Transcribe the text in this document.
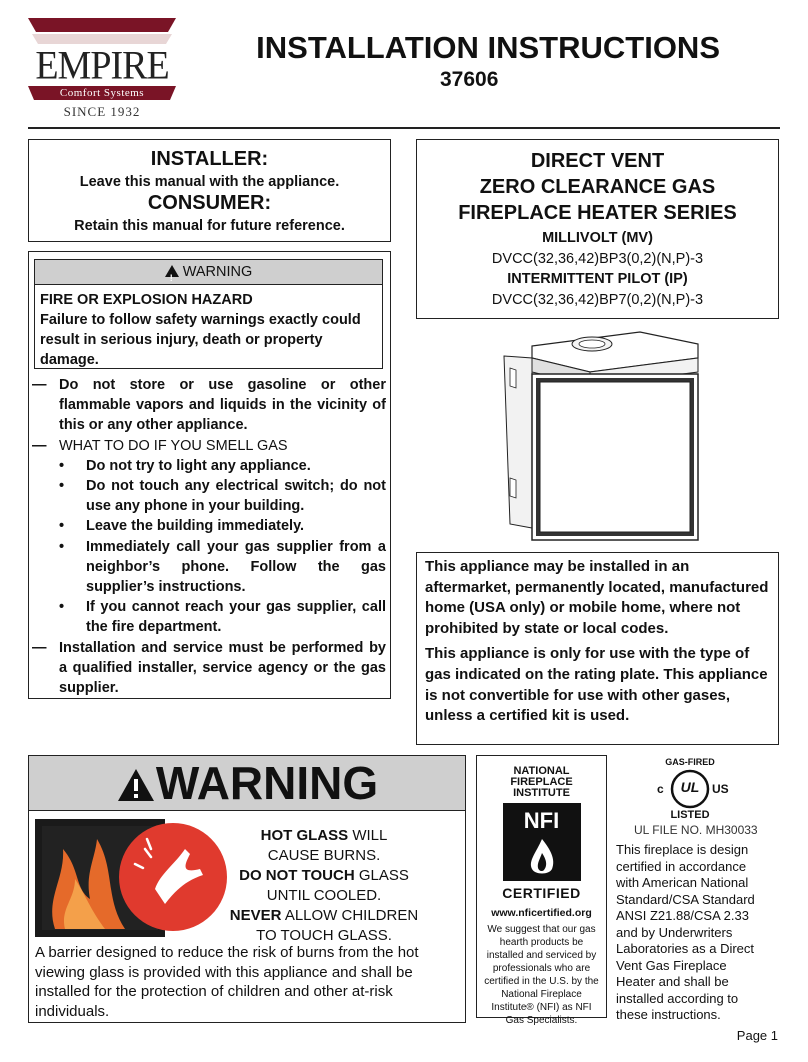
EMPIRE
Comfort Systems
SINCE 1932
INSTALLATION INSTRUCTIONS
37606
INSTALLER:
Leave this manual with the appliance.
CONSUMER:
Retain this manual for future reference.
DIRECT VENT
ZERO CLEARANCE GAS
FIREPLACE HEATER SERIES
MILLIVOLT (MV)
DVCC(32,36,42)BP3(0,2)(N,P)-3
INTERMITTENT PILOT (IP)
DVCC(32,36,42)BP7(0,2)(N,P)-3
!WARNING
FIRE OR EXPLOSION HAZARD
Failure to follow safety warnings exactly could result in serious injury, death or property damage.
— Do not store or use gasoline or other flammable vapors and liquids in the vicinity of this or any other appliance.
— WHAT TO DO IF YOU SMELL GAS
•	Do not try to light any appliance.
•	Do not touch any electrical switch; do not use any phone in your building.
•	Leave the building immediately.
•	Immediately call your gas supplier from a neighbor’s phone. Follow the gas supplier’s instructions.
•	If you cannot reach your gas supplier, call the fire department.
— Installation and service must be performed by a qualified installer, service agency or the gas supplier.
This appliance may be installed in an aftermarket, permanently located, manufactured home (USA only) or mobile home, where not prohibited by state or local codes.
This appliance is only for use with the type of gas indicated on the rating plate. This appliance is not convertible for use with other gases, unless a certified kit is used.
WARNING
HOT GLASS WILL
CAUSE BURNS.
DO NOT TOUCH GLASS
UNTIL COOLED.
NEVER ALLOW CHILDREN
TO TOUCH GLASS.
A barrier designed to reduce the risk of burns from the hot viewing glass is provided with this appliance and shall be installed for the protection of children and other at-risk individuals.
NATIONAL
FIREPLACE
INSTITUTE
NFI
CERTIFIED
www.nficertified.org
We suggest that our gas hearth products be installed and serviced by professionals who are certified in the U.S. by the National Fireplace Institute® (NFI) as NFI Gas Specialists.
GAS-FIRED
UL
c	US
LISTED
UL FILE NO. MH30033
This fireplace is design certified in accordance with American National Standard/CSA Standard ANSI Z21.88/CSA 2.33 and by Underwriters Laboratories as a Direct Vent Gas Fireplace Heater and shall be installed according to these instructions.
Page 1
